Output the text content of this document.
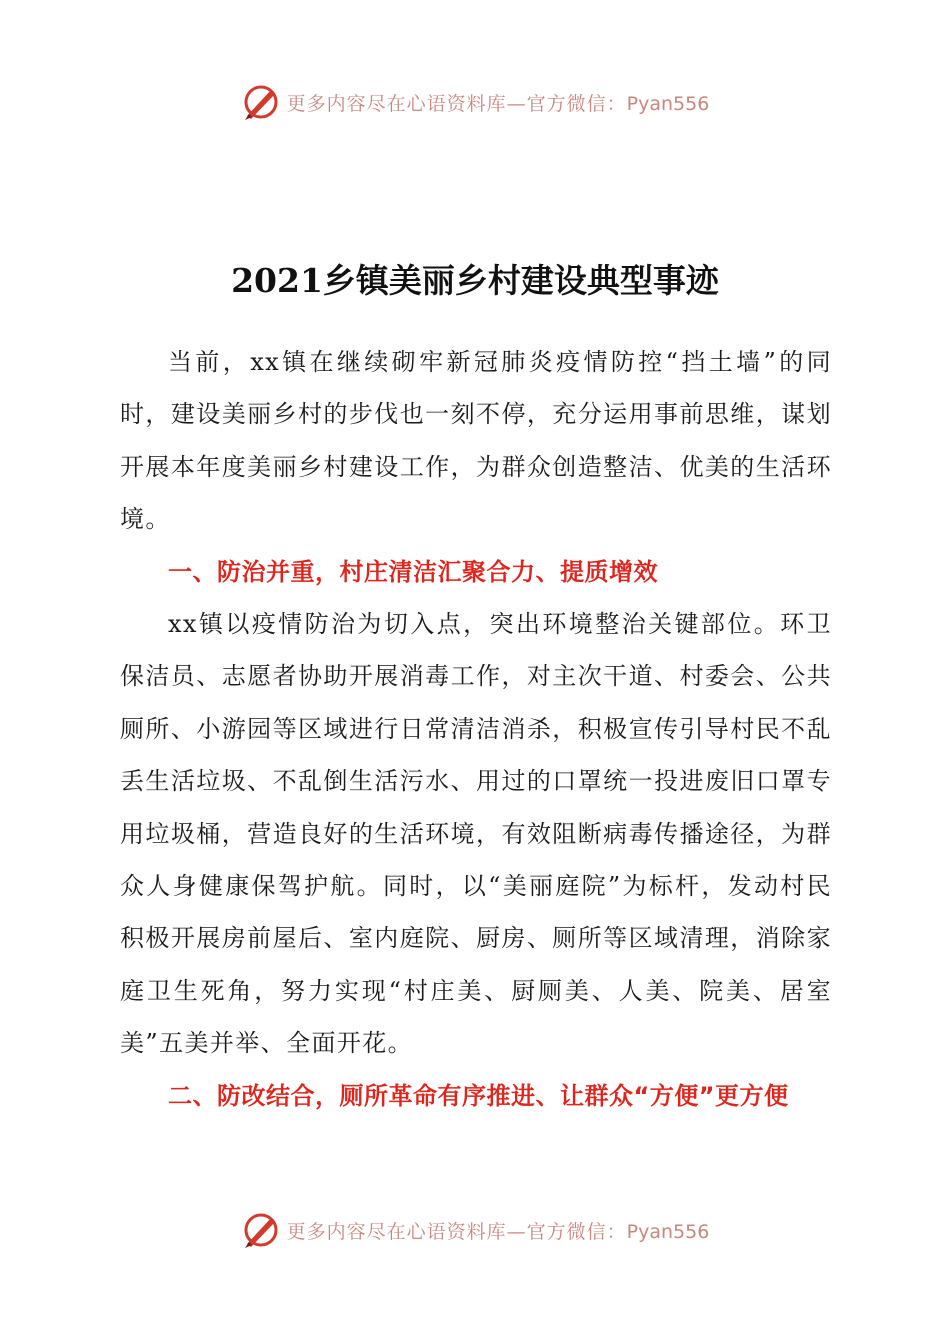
更多内容尽在心语资料库—官方微信：Pyan556
2021乡镇美丽乡村建设典型事迹

当前，xx镇在继续砌牢新冠肺炎疫情防控“挡土墙”的同时，建设美丽乡村的步伐也一刻不停，充分运用事前思维，谋划开展本年度美丽乡村建设工作，为群众创造整洁、优美的生活环境。

一、防治并重，村庄清洁汇聚合力、提质增效

xx镇以疫情防治为切入点，突出环境整治关键部位。环卫保洁员、志愿者协助开展消毒工作，对主次干道、村委会、公共厕所、小游园等区域进行日常清洁消杀，积极宣传引导村民不乱丢生活垃圾、不乱倒生活污水、用过的口罩统一投进废旧口罩专用垃圾桶，营造良好的生活环境，有效阻断病毒传播途径，为群众人身健康保驾护航。同时，以“美丽庭院”为标杆，发动村民积极开展房前屋后、室内庭院、厨房、厕所等区域清理，消除家庭卫生死角，努力实现“村庄美、厨厕美、人美、院美、居室美”五美并举、全面开花。

二、防改结合，厕所革命有序推进、让群众“方便”更方便

更多内容尽在心语资料库—官方微信：Pyan556
